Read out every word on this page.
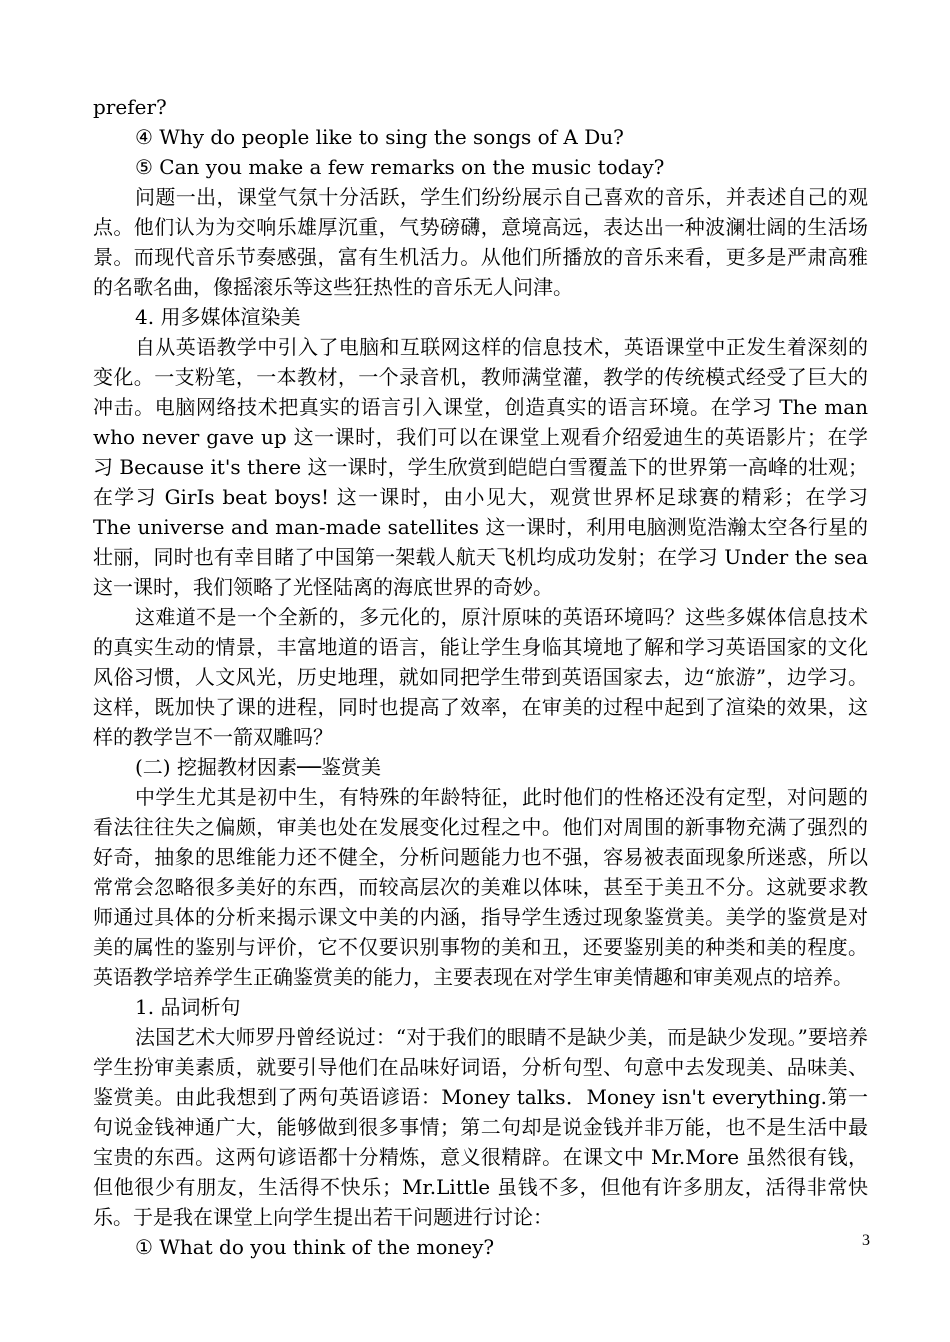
prefer?

④ Why do people like to sing the songs of A Du?

⑤ Can you make a few remarks on the music today?

问题一出，课堂气氛十分活跃，学生们纷纷展示自己喜欢的音乐，并表述自己的观点。他们认为为交响乐雄厚沉重，气势磅礴，意境高远，表达出一种波澜壮阔的生活场景。而现代音乐节奏感强，富有生机活力。从他们所播放的音乐来看，更多是严肃高雅的名歌名曲，像摇滚乐等这些狂热性的音乐无人问津。

4. 用多媒体渲染美

自从英语教学中引入了电脑和互联网这样的信息技术，英语课堂中正发生着深刻的变化。一支粉笔，一本教材，一个录音机，教师满堂灌，教学的传统模式经受了巨大的冲击。电脑网络技术把真实的语言引入课堂，创造真实的语言环境。在学习 The man who never gave up 这一课时，我们可以在课堂上观看介绍爱迪生的英语影片；在学习 Because it's there 这一课时，学生欣赏到皑皑白雪覆盖下的世界第一高峰的壮观；在学习 GirIs beat boys! 这一课时，由小见大，观赏世界杯足球赛的精彩；在学习 The universe and man-made satellites 这一课时，利用电脑测览浩瀚太空各行星的壮丽，同时也有幸目睹了中国第一架载人航天飞机均成功发射；在学习 Under the sea 这一课时，我们领略了光怪陆离的海底世界的奇妙。

这难道不是一个全新的，多元化的，原汁原味的英语环境吗？这些多媒体信息技术的真实生动的情景，丰富地道的语言，能让学生身临其境地了解和学习英语国家的文化风俗习惯，人文风光，历史地理，就如同把学生带到英语国家去，边“旅游”，边学习。这样，既加快了课的进程，同时也提高了效率，在审美的过程中起到了渲染的效果，这样的教学岂不一箭双雕吗？

(二) 挖掘教材因素──鉴赏美

中学生尤其是初中生，有特殊的年龄特征，此时他们的性格还没有定型，对问题的看法往往失之偏颇，审美也处在发展变化过程之中。他们对周围的新事物充满了强烈的好奇，抽象的思维能力还不健全，分析问题能力也不强，容易被表面现象所迷惑，所以常常会忽略很多美好的东西，而较高层次的美难以体味，甚至于美丑不分。这就要求教师通过具体的分析来揭示课文中美的内涵，指导学生透过现象鉴赏美。美学的鉴赏是对美的属性的鉴别与评价，它不仅要识别事物的美和丑，还要鉴别美的种类和美的程度。英语教学培养学生正确鉴赏美的能力，主要表现在对学生审美情趣和审美观点的培养。

1. 品词析句

法国艺术大师罗丹曾经说过：“对于我们的眼睛不是缺少美，而是缺少发现。”要培养学生扮审美素质，就要引导他们在品味好词语，分析句型、句意中去发现美、品味美、鉴赏美。由此我想到了两句英语谚语：Money talks．Money isn't everything.第一句说金钱神通广大，能够做到很多事情；第二句却是说金钱并非万能，也不是生活中最宝贵的东西。这两句谚语都十分精炼，意义很精辟。在课文中 Mr.More 虽然很有钱，但他很少有朋友，生活得不快乐；Mr.Little 虽钱不多，但他有许多朋友，活得非常快乐。于是我在课堂上向学生提出若干问题进行讨论：

① What do you think of the money?	3
